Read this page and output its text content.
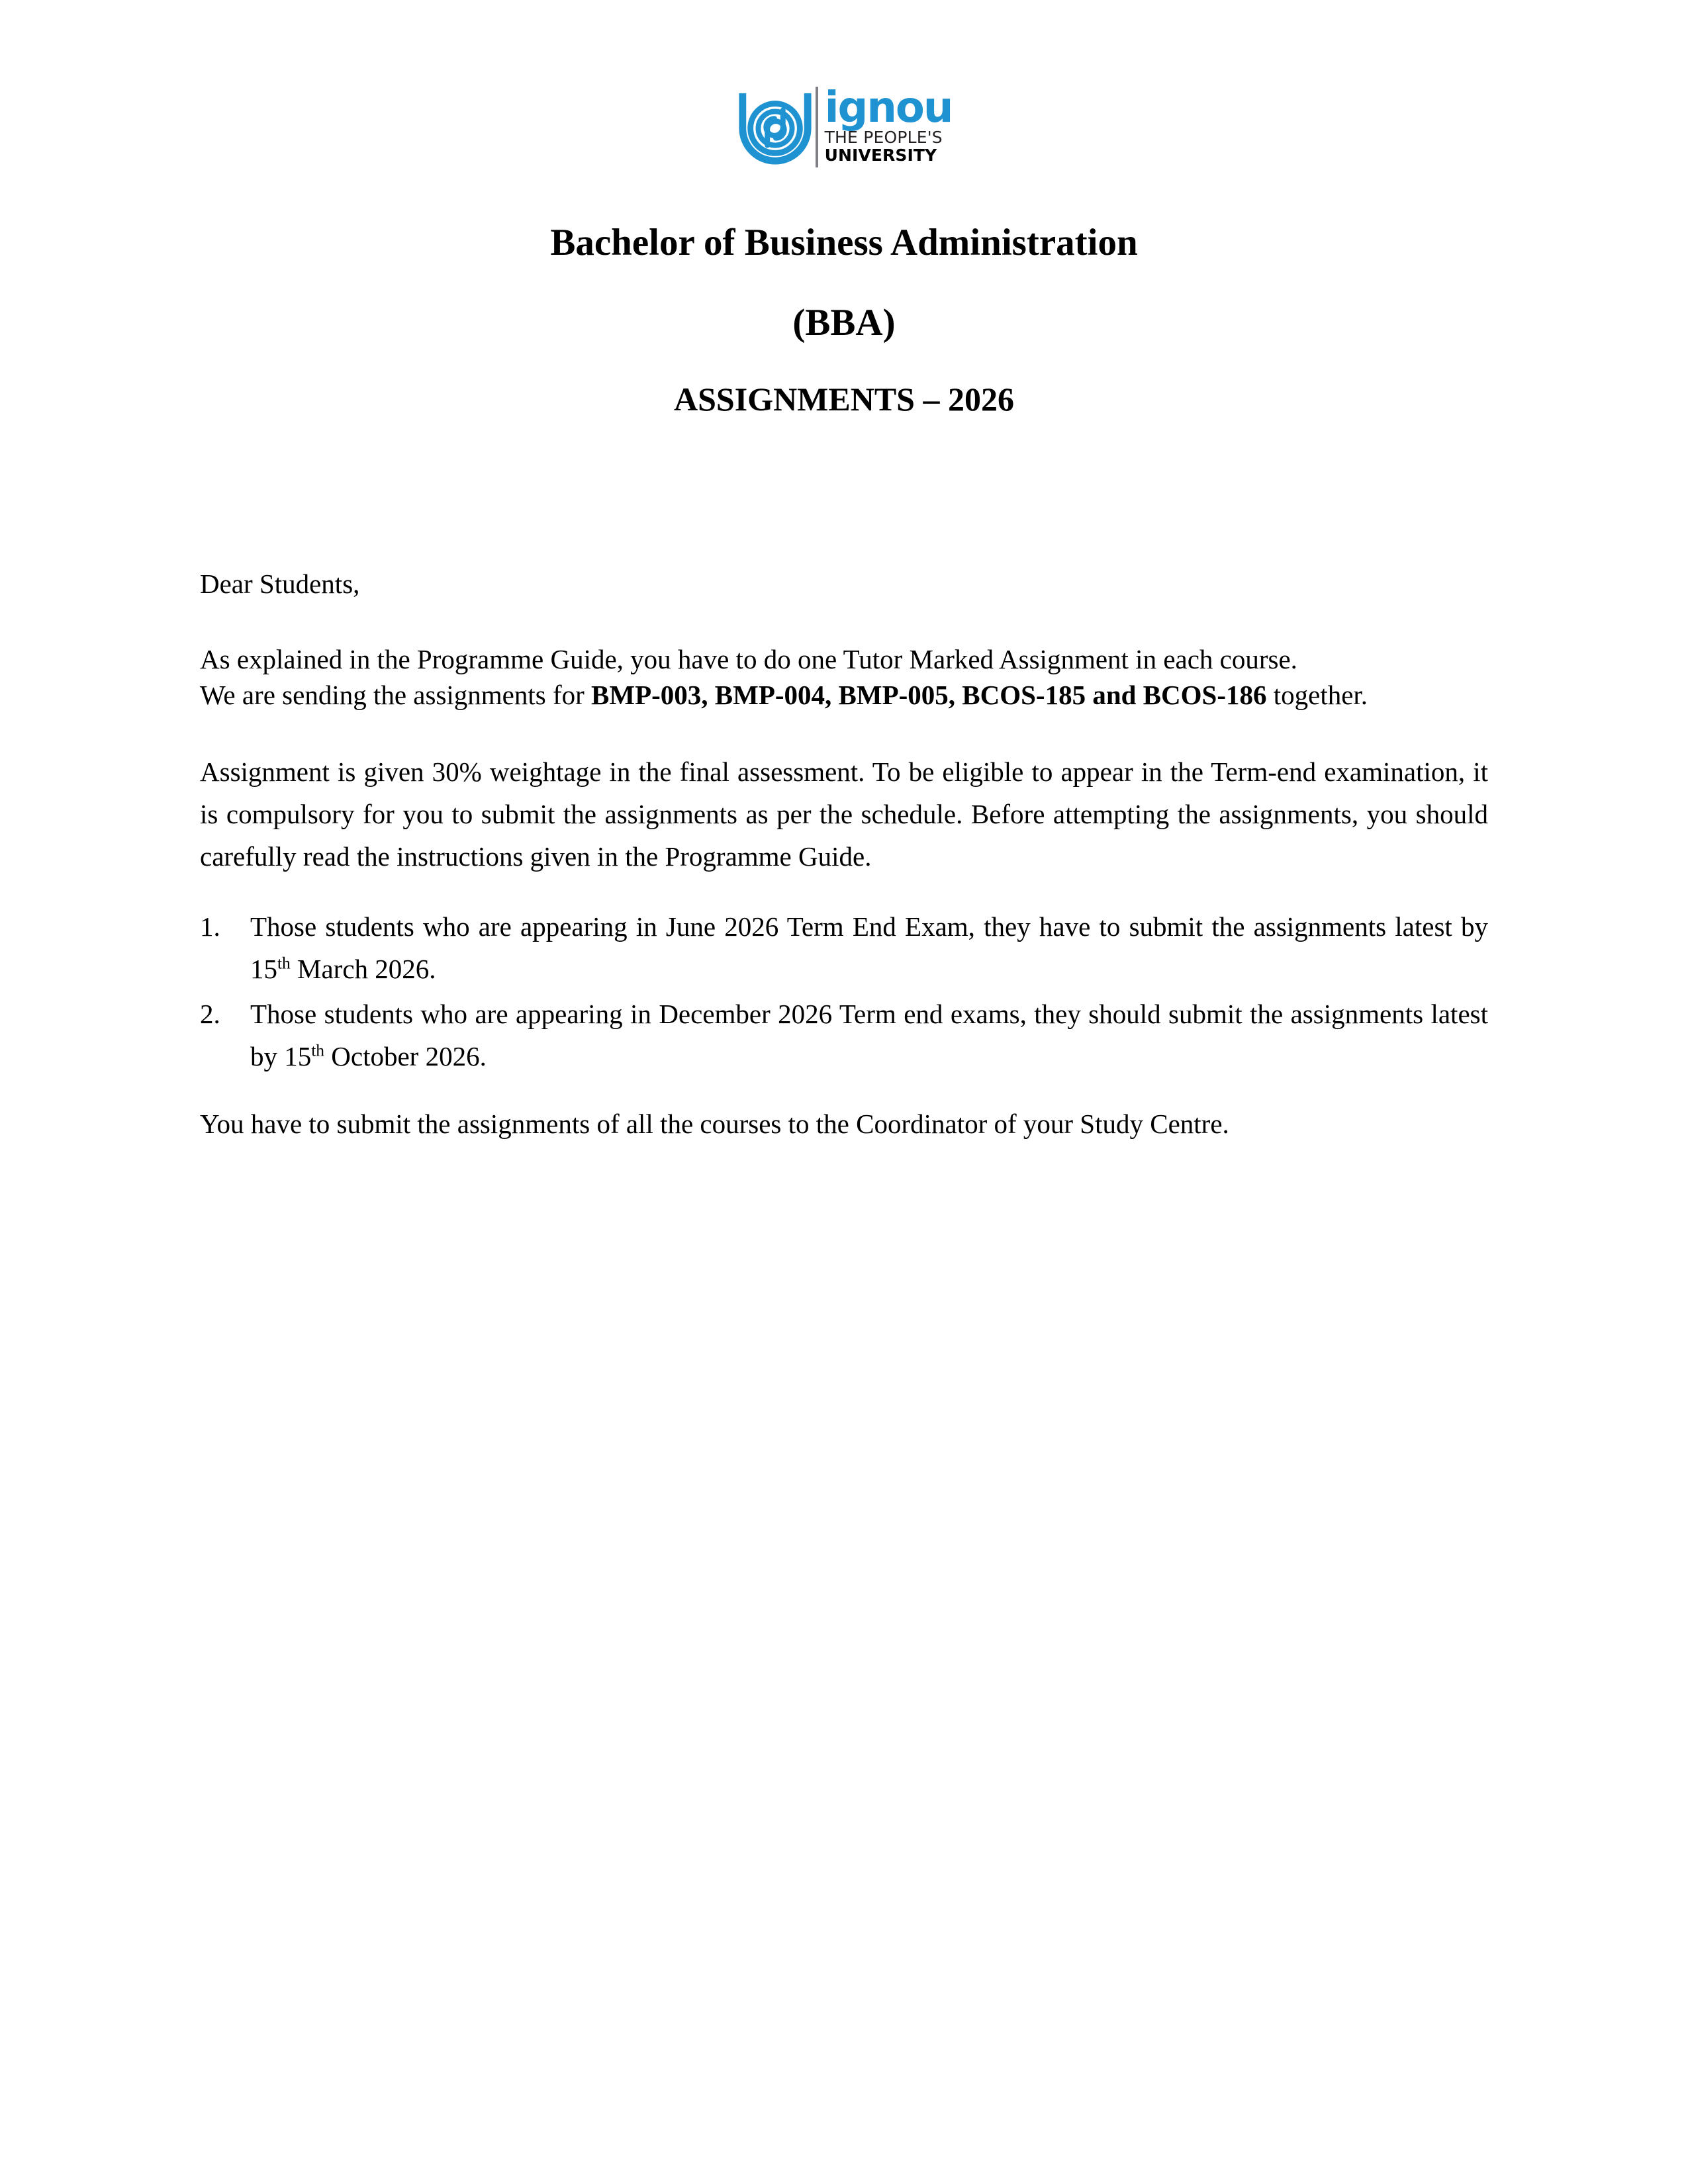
ignou
THE PEOPLE'S
UNIVERSITY
Bachelor of Business Administration
(BBA)
ASSIGNMENTS – 2026

Dear Students,

As explained in the Programme Guide, you have to do one Tutor Marked Assignment in each course.

We are sending the assignments for BMP-003, BMP-004, BMP-005, BCOS-185 and BCOS-186 together.

Assignment is given 30% weightage in the final assessment. To be eligible to appear in the Term-end examination, it is compulsory for you to submit the assignments as per the schedule. Before attempting the assignments, you should carefully read the instructions given in the Programme Guide.

1.	Those students who are appearing in June 2026 Term End Exam, they have to submit the assignments latest by 15th March 2026.
2.	Those students who are appearing in December 2026 Term end exams, they should submit the assignments latest by 15th October 2026.

You have to submit the assignments of all the courses to the Coordinator of your Study Centre.
